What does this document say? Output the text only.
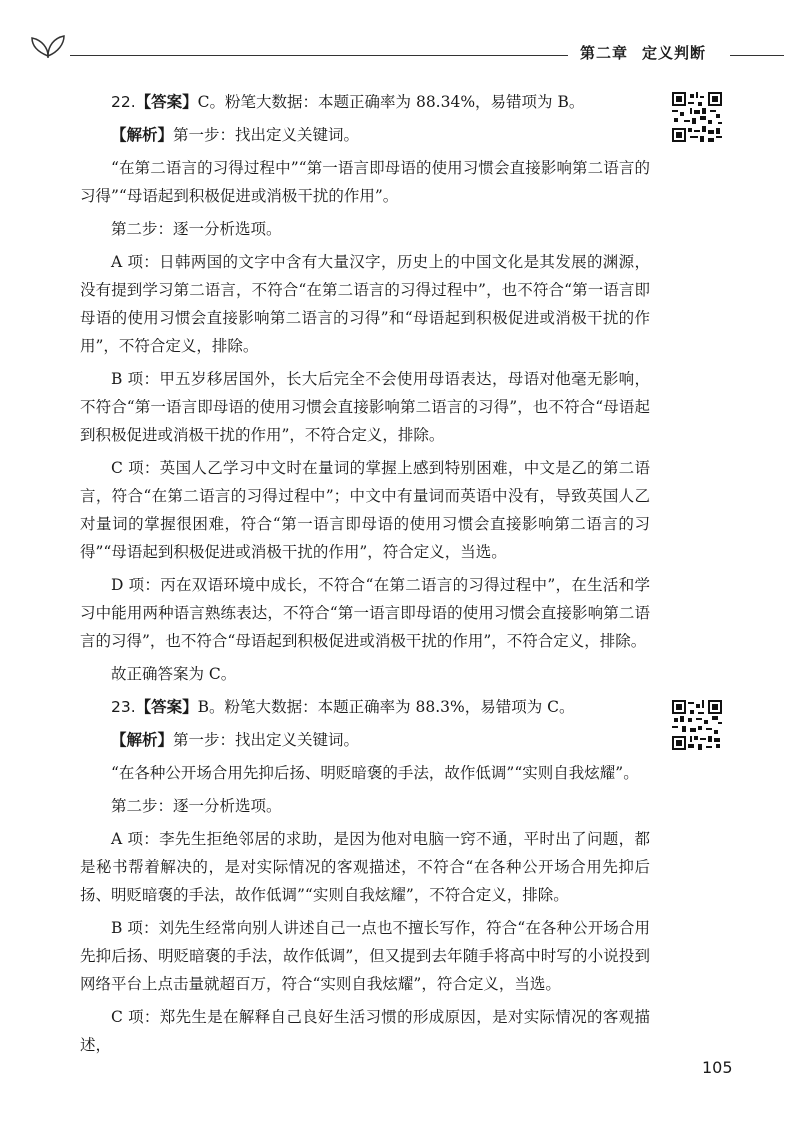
第二章 定义判断

22.【答案】C。粉笔大数据：本题正确率为 88.34%，易错项为 B。

【解析】第一步：找出定义关键词。

“在第二语言的习得过程中”“第一语言即母语的使用习惯会直接影响第二语言的习得”“母语起到积极促进或消极干扰的作用”。

第二步：逐一分析选项。

A 项：日韩两国的文字中含有大量汉字，历史上的中国文化是其发展的渊源，没有提到学习第二语言，不符合“在第二语言的习得过程中”，也不符合“第一语言即母语的使用习惯会直接影响第二语言的习得”和“母语起到积极促进或消极干扰的作用”，不符合定义，排除。

B 项：甲五岁移居国外，长大后完全不会使用母语表达，母语对他毫无影响，不符合“第一语言即母语的使用习惯会直接影响第二语言的习得”，也不符合“母语起到积极促进或消极干扰的作用”，不符合定义，排除。

C 项：英国人乙学习中文时在量词的掌握上感到特别困难，中文是乙的第二语言，符合“在第二语言的习得过程中”；中文中有量词而英语中没有，导致英国人乙对量词的掌握很困难，符合“第一语言即母语的使用习惯会直接影响第二语言的习得”“母语起到积极促进或消极干扰的作用”，符合定义，当选。

D 项：丙在双语环境中成长，不符合“在第二语言的习得过程中”，在生活和学习中能用两种语言熟练表达，不符合“第一语言即母语的使用习惯会直接影响第二语言的习得”，也不符合“母语起到积极促进或消极干扰的作用”，不符合定义，排除。

故正确答案为 C。

23.【答案】B。粉笔大数据：本题正确率为 88.3%，易错项为 C。

【解析】第一步：找出定义关键词。

“在各种公开场合用先抑后扬、明贬暗褒的手法，故作低调”“实则自我炫耀”。

第二步：逐一分析选项。

A 项：李先生拒绝邻居的求助，是因为他对电脑一窍不通，平时出了问题，都是秘书帮着解决的，是对实际情况的客观描述，不符合“在各种公开场合用先抑后扬、明贬暗褒的手法，故作低调”“实则自我炫耀”，不符合定义，排除。

B 项：刘先生经常向别人讲述自己一点也不擅长写作，符合“在各种公开场合用先抑后扬、明贬暗褒的手法，故作低调”，但又提到去年随手将高中时写的小说投到网络平台上点击量就超百万，符合“实则自我炫耀”，符合定义，当选。

C 项：郑先生是在解释自己良好生活习惯的形成原因，是对实际情况的客观描述，

105
